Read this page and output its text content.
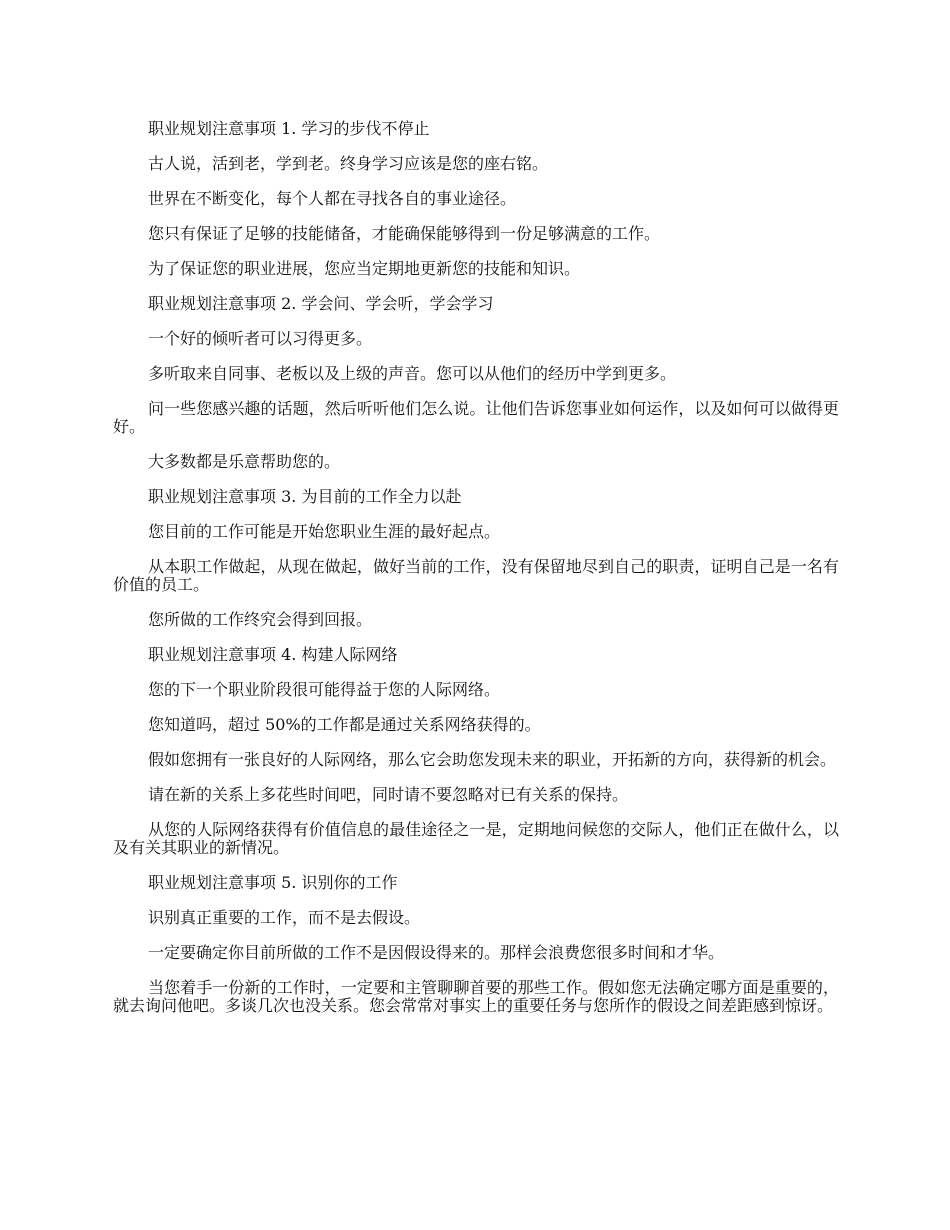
职业规划注意事项 1. 学习的步伐不停止

古人说，活到老，学到老。终身学习应该是您的座右铭。

世界在不断变化，每个人都在寻找各自的事业途径。

您只有保证了足够的技能储备，才能确保能够得到一份足够满意的工作。

为了保证您的职业进展，您应当定期地更新您的技能和知识。

职业规划注意事项 2. 学会问、学会听，学会学习

一个好的倾听者可以习得更多。

多听取来自同事、老板以及上级的声音。您可以从他们的经历中学到更多。

问一些您感兴趣的话题，然后听听他们怎么说。让他们告诉您事业如何运作，以及如何可以做得更好。

大多数都是乐意帮助您的。

职业规划注意事项 3. 为目前的工作全力以赴

您目前的工作可能是开始您职业生涯的最好起点。

从本职工作做起，从现在做起，做好当前的工作，没有保留地尽到自己的职责，证明自己是一名有价值的员工。

您所做的工作终究会得到回报。

职业规划注意事项 4. 构建人际网络

您的下一个职业阶段很可能得益于您的人际网络。

您知道吗，超过 50%的工作都是通过关系网络获得的。

假如您拥有一张良好的人际网络，那么它会助您发现未来的职业，开拓新的方向，获得新的机会。

请在新的关系上多花些时间吧，同时请不要忽略对已有关系的保持。

从您的人际网络获得有价值信息的最佳途径之一是，定期地问候您的交际人，他们正在做什么，以及有关其职业的新情况。

职业规划注意事项 5. 识别你的工作

识别真正重要的工作，而不是去假设。

一定要确定你目前所做的工作不是因假设得来的。那样会浪费您很多时间和才华。

当您着手一份新的工作时，一定要和主管聊聊首要的那些工作。假如您无法确定哪方面是重要的，就去询问他吧。多谈几次也没关系。您会常常对事实上的重要任务与您所作的假设之间差距感到惊讶。
